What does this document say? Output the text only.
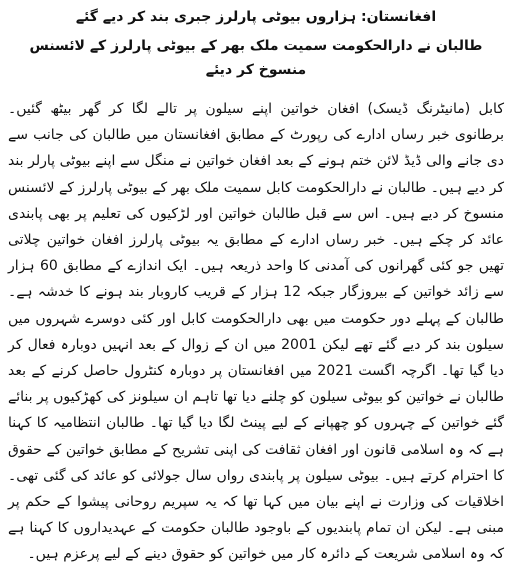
افغانستان: ہزاروں بیوٹی پارلرز جبری بند کر دیے گئے
طالبان نے دارالحکومت سمیت ملک بھر کے بیوٹی پارلرز کے لائسنس منسوخ کر دیئے

کابل (مانیٹرنگ ڈیسک) افغان خواتین اپنے سیلون پر تالے لگا کر گھر بیٹھ گئیں۔ برطانوی خبر رساں ادارے کی رپورٹ کے مطابق افغانستان میں طالبان کی جانب سے دی جانے والی ڈیڈ لائن ختم ہونے کے بعد افغان خواتین نے منگل سے اپنے بیوٹی پارلر بند کر دیے ہیں۔ طالبان نے دارالحکومت کابل سمیت ملک بھر کے بیوٹی پارلرز کے لائسنس منسوخ کر دیے ہیں۔ اس سے قبل طالبان خواتین اور لڑکیوں کی تعلیم پر بھی پابندی عائد کر چکے ہیں۔ خبر رساں ادارے کے مطابق یہ بیوٹی پارلرز افغان خواتین چلاتی تھیں جو کئی گھرانوں کی آمدنی کا واحد ذریعہ ہیں۔ ایک اندازے کے مطابق 60 ہزار سے زائد خواتین کے بیروزگار جبکہ 12 ہزار کے قریب کاروبار بند ہونے کا خدشہ ہے۔ طالبان کے پہلے دور حکومت میں بھی دارالحکومت کابل اور کئی دوسرے شہروں میں سیلون بند کر دیے گئے تھے لیکن 2001 میں ان کے زوال کے بعد انہیں دوبارہ فعال کر دیا گیا تھا۔ اگرچہ اگست 2021 میں افغانستان پر دوبارہ کنٹرول حاصل کرنے کے بعد طالبان نے خواتین کو بیوٹی سیلون کو چلنے دیا تھا تاہم ان سیلونز کی کھڑکیوں پر بنائے گئے خواتین کے چہروں کو چھپانے کے لیے پینٹ لگا دیا گیا تھا۔ طالبان انتظامیہ کا کہنا ہے کہ وہ اسلامی قانون اور افغان ثقافت کی اپنی تشریح کے مطابق خواتین کے حقوق کا احترام کرتے ہیں۔ بیوٹی سیلون پر پابندی رواں سال جولائی کو عائد کی گئی تھی۔ اخلاقیات کی وزارت نے اپنے بیان میں کہا تھا کہ یہ سپریم روحانی پیشوا کے حکم پر مبنی ہے۔ لیکن ان تمام پابندیوں کے باوجود طالبان حکومت کے عہدیداروں کا کہنا ہے کہ وہ اسلامی شریعت کے دائرہ کار میں خواتین کو حقوق دینے کے لیے پرعزم ہیں۔
